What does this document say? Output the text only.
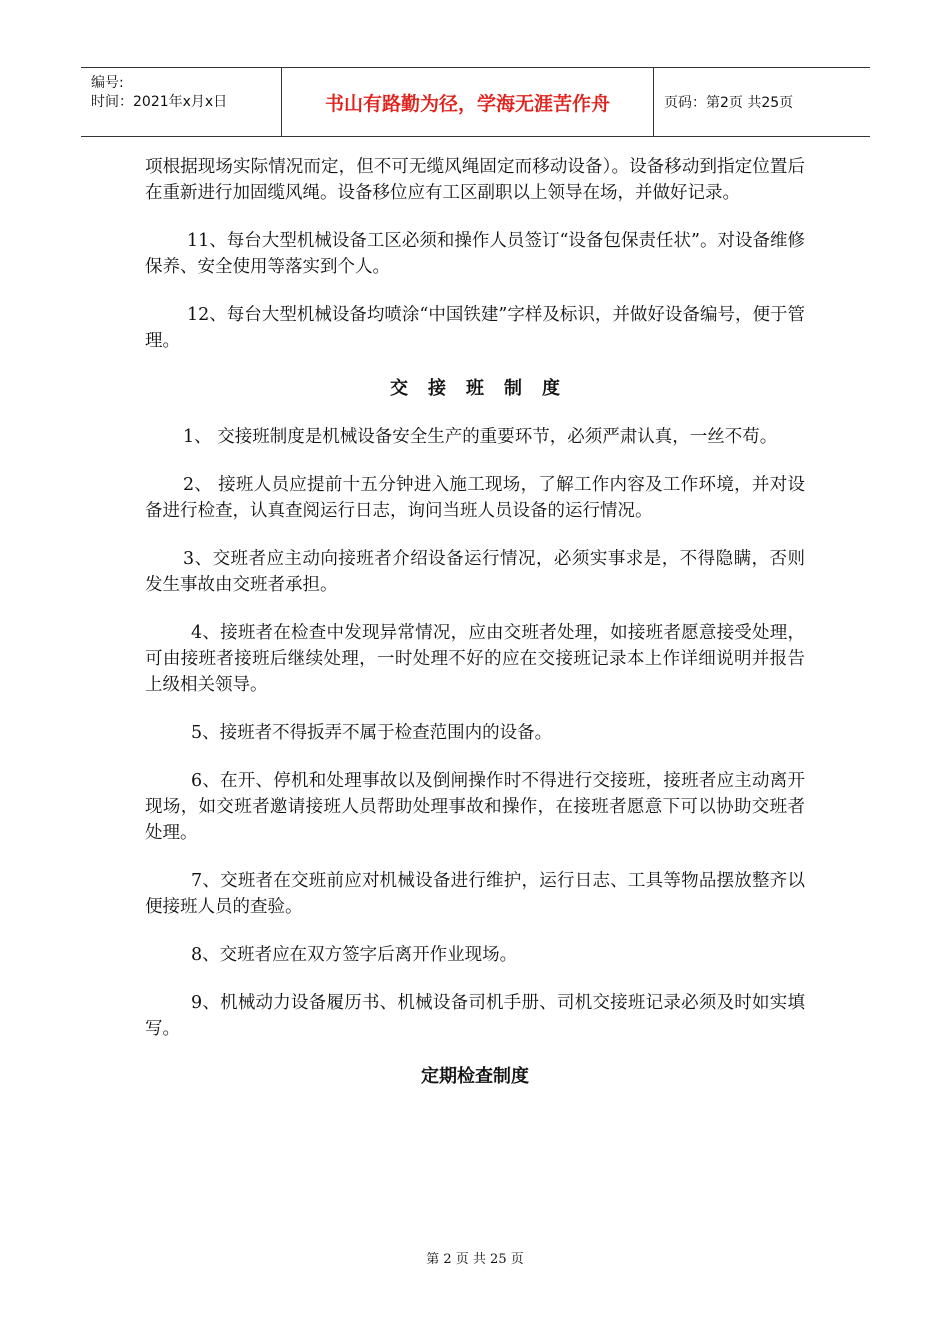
编号:
时间：2021年x月x日	书山有路勤为径，学海无涯苦作舟	页码：第2页 共25页

项根据现场实际情况而定，但不可无缆风绳固定而移动设备）。设备移动到指定位置后在重新进行加固缆风绳。设备移位应有工区副职以上领导在场，并做好记录。

11、每台大型机械设备工区必须和操作人员签订“设备包保责任状”。对设备维修保养、安全使用等落实到个人。

12、每台大型机械设备均喷涂“中国铁建”字样及标识，并做好设备编号，便于管理。

交接班制度

1、 交接班制度是机械设备安全生产的重要环节，必须严肃认真，一丝不苟。

2、 接班人员应提前十五分钟进入施工现场，了解工作内容及工作环境，并对设备进行检查，认真查阅运行日志，询问当班人员设备的运行情况。

3、交班者应主动向接班者介绍设备运行情况，必须实事求是，不得隐瞒，否则发生事故由交班者承担。

4、接班者在检查中发现异常情况，应由交班者处理，如接班者愿意接受处理，可由接班者接班后继续处理，一时处理不好的应在交接班记录本上作详细说明并报告上级相关领导。

5、接班者不得扳弄不属于检查范围内的设备。

6、在开、停机和处理事故以及倒闸操作时不得进行交接班，接班者应主动离开现场，如交班者邀请接班人员帮助处理事故和操作，在接班者愿意下可以协助交班者处理。

7、交班者在交班前应对机械设备进行维护，运行日志、工具等物品摆放整齐以便接班人员的查验。

8、交班者应在双方签字后离开作业现场。

9、机械动力设备履历书、机械设备司机手册、司机交接班记录必须及时如实填写。

定期检查制度
第 2 页 共 25 页
